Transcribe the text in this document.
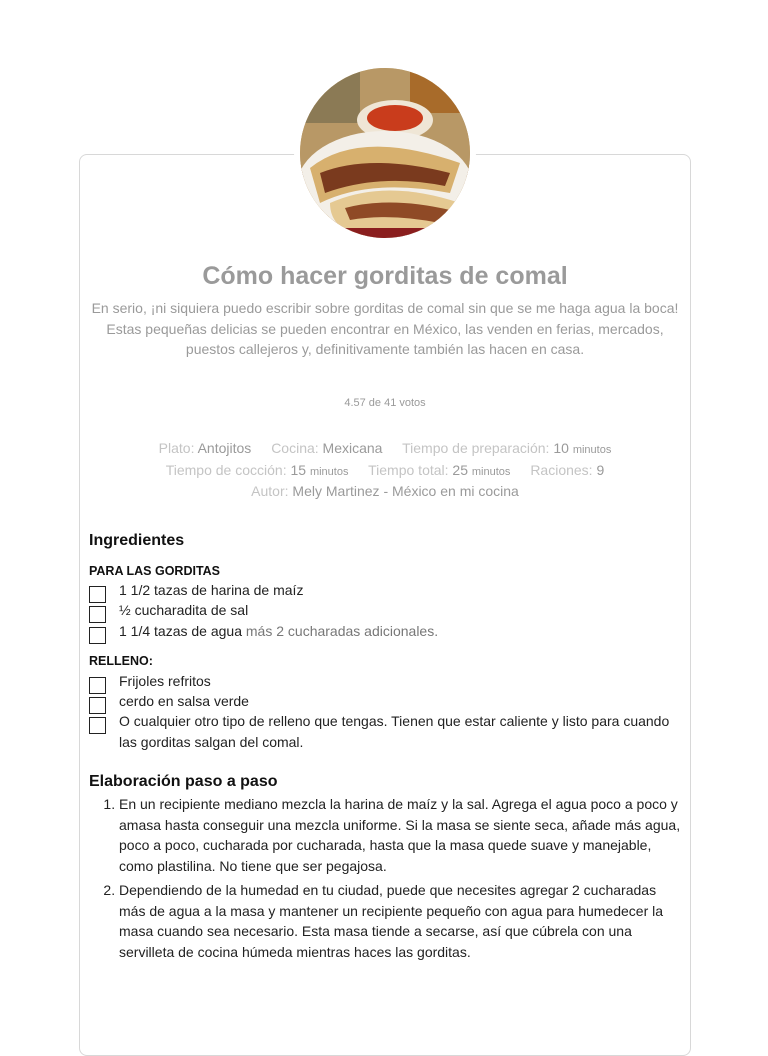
Cómo hacer gorditas de comal

En serio, ¡ni siquiera puedo escribir sobre gorditas de comal sin que se me haga agua la boca! Estas pequeñas delicias se pueden encontrar en México, las venden en ferias, mercados, puestos callejeros y, definitivamente también las hacen en casa.

4.57 de 41 votos
Plato: Antojitos Cocina: Mexicana Tiempo de preparación: 10 minutos
Tiempo de cocción: 15 minutos Tiempo total: 25 minutos Raciones: 9
Autor: Mely Martinez - México en mi cocina
Ingredientes
PARA LAS GORDITAS
1 1/2 tazas de harina de maíz
½ cucharadita de sal
1 1/4 tazas de agua más 2 cucharadas adicionales.
RELLENO:
Frijoles refritos
cerdo en salsa verde
O cualquier otro tipo de relleno que tengas. Tienen que estar caliente y listo para cuando las gorditas salgan del comal.
Elaboración paso a paso
1. En un recipiente mediano mezcla la harina de maíz y la sal. Agrega el agua poco a poco y amasa hasta conseguir una mezcla uniforme. Si la masa se siente seca, añade más agua, poco a poco, cucharada por cucharada, hasta que la masa quede suave y manejable, como plastilina. No tiene que ser pegajosa.
2. Dependiendo de la humedad en tu ciudad, puede que necesites agregar 2 cucharadas más de agua a la masa y mantener un recipiente pequeño con agua para humedecer la masa cuando sea necesario. Esta masa tiende a secarse, así que cúbrela con una servilleta de cocina húmeda mientras haces las gorditas.
